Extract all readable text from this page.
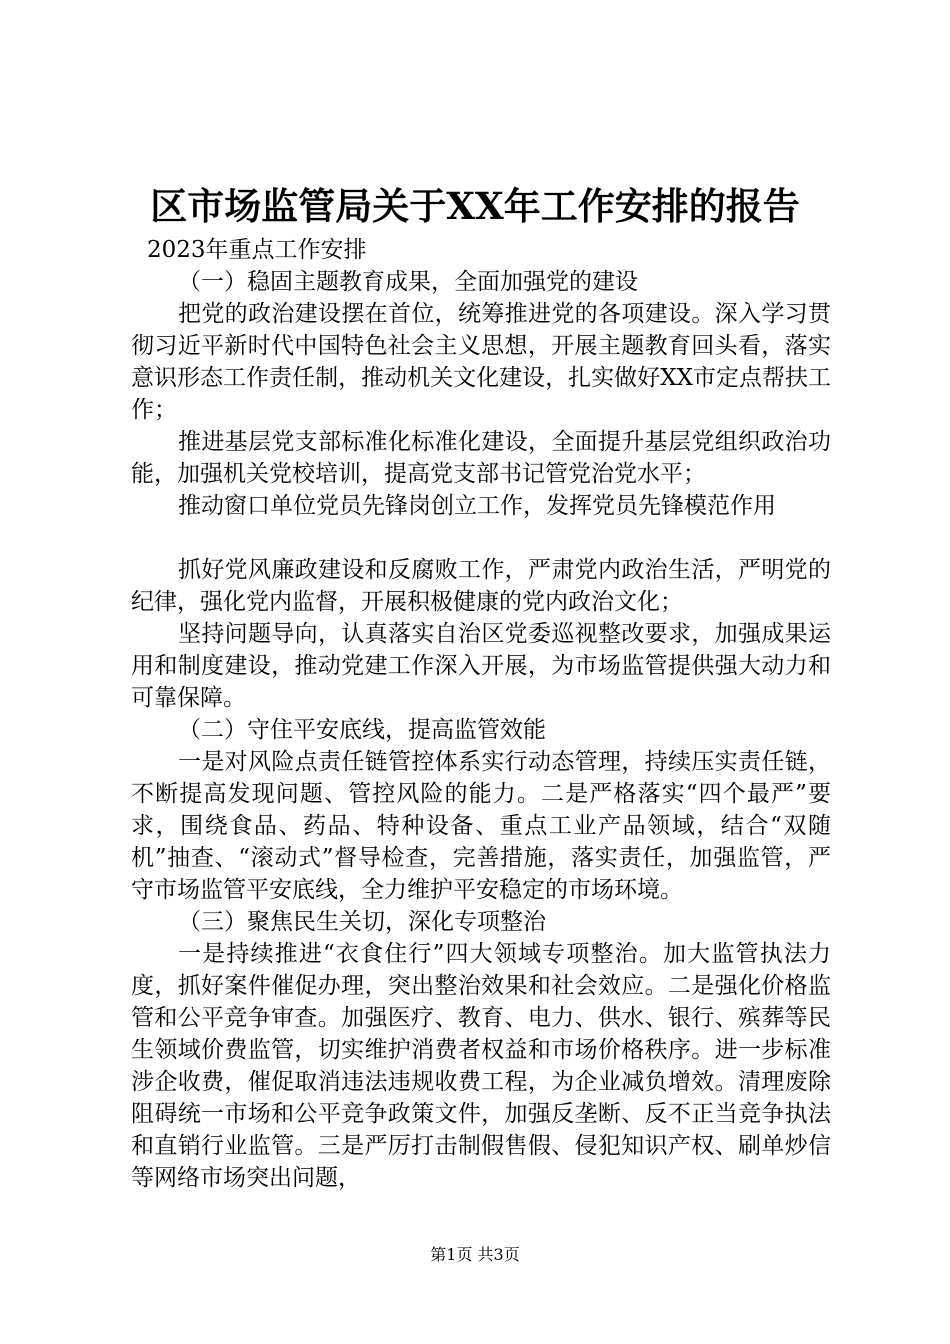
区市场监管局关于XX年工作安排的报告

2023年重点工作安排

（一）稳固主题教育成果，全面加强党的建设

把党的政治建设摆在首位，统筹推进党的各项建设。深入学习贯彻习近平新时代中国特色社会主义思想，开展主题教育回头看，落实意识形态工作责任制，推动机关文化建设，扎实做好XX市定点帮扶工作；

推进基层党支部标准化标准化建设，全面提升基层党组织政治功能，加强机关党校培训，提高党支部书记管党治党水平；

推动窗口单位党员先锋岗创立工作，发挥党员先锋模范作用

抓好党风廉政建设和反腐败工作，严肃党内政治生活，严明党的纪律，强化党内监督，开展积极健康的党内政治文化；

坚持问题导向，认真落实自治区党委巡视整改要求，加强成果运用和制度建设，推动党建工作深入开展，为市场监管提供强大动力和可靠保障。

（二）守住平安底线，提高监管效能

一是对风险点责任链管控体系实行动态管理，持续压实责任链，不断提高发现问题、管控风险的能力。二是严格落实“四个最严”要求，围绕食品、药品、特种设备、重点工业产品领域，结合“双随机”抽查、“滚动式”督导检查，完善措施，落实责任，加强监管，严守市场监管平安底线，全力维护平安稳定的市场环境。

（三）聚焦民生关切，深化专项整治

一是持续推进“衣食住行”四大领域专项整治。加大监管执法力度，抓好案件催促办理，突出整治效果和社会效应。二是强化价格监管和公平竞争审查。加强医疗、教育、电力、供水、银行、殡葬等民生领域价费监管，切实维护消费者权益和市场价格秩序。进一步标准涉企收费，催促取消违法违规收费工程，为企业减负增效。清理废除阻碍统一市场和公平竞争政策文件，加强反垄断、反不正当竞争执法和直销行业监管。三是严厉打击制假售假、侵犯知识产权、刷单炒信等网络市场突出问题，

第1页 共3页
